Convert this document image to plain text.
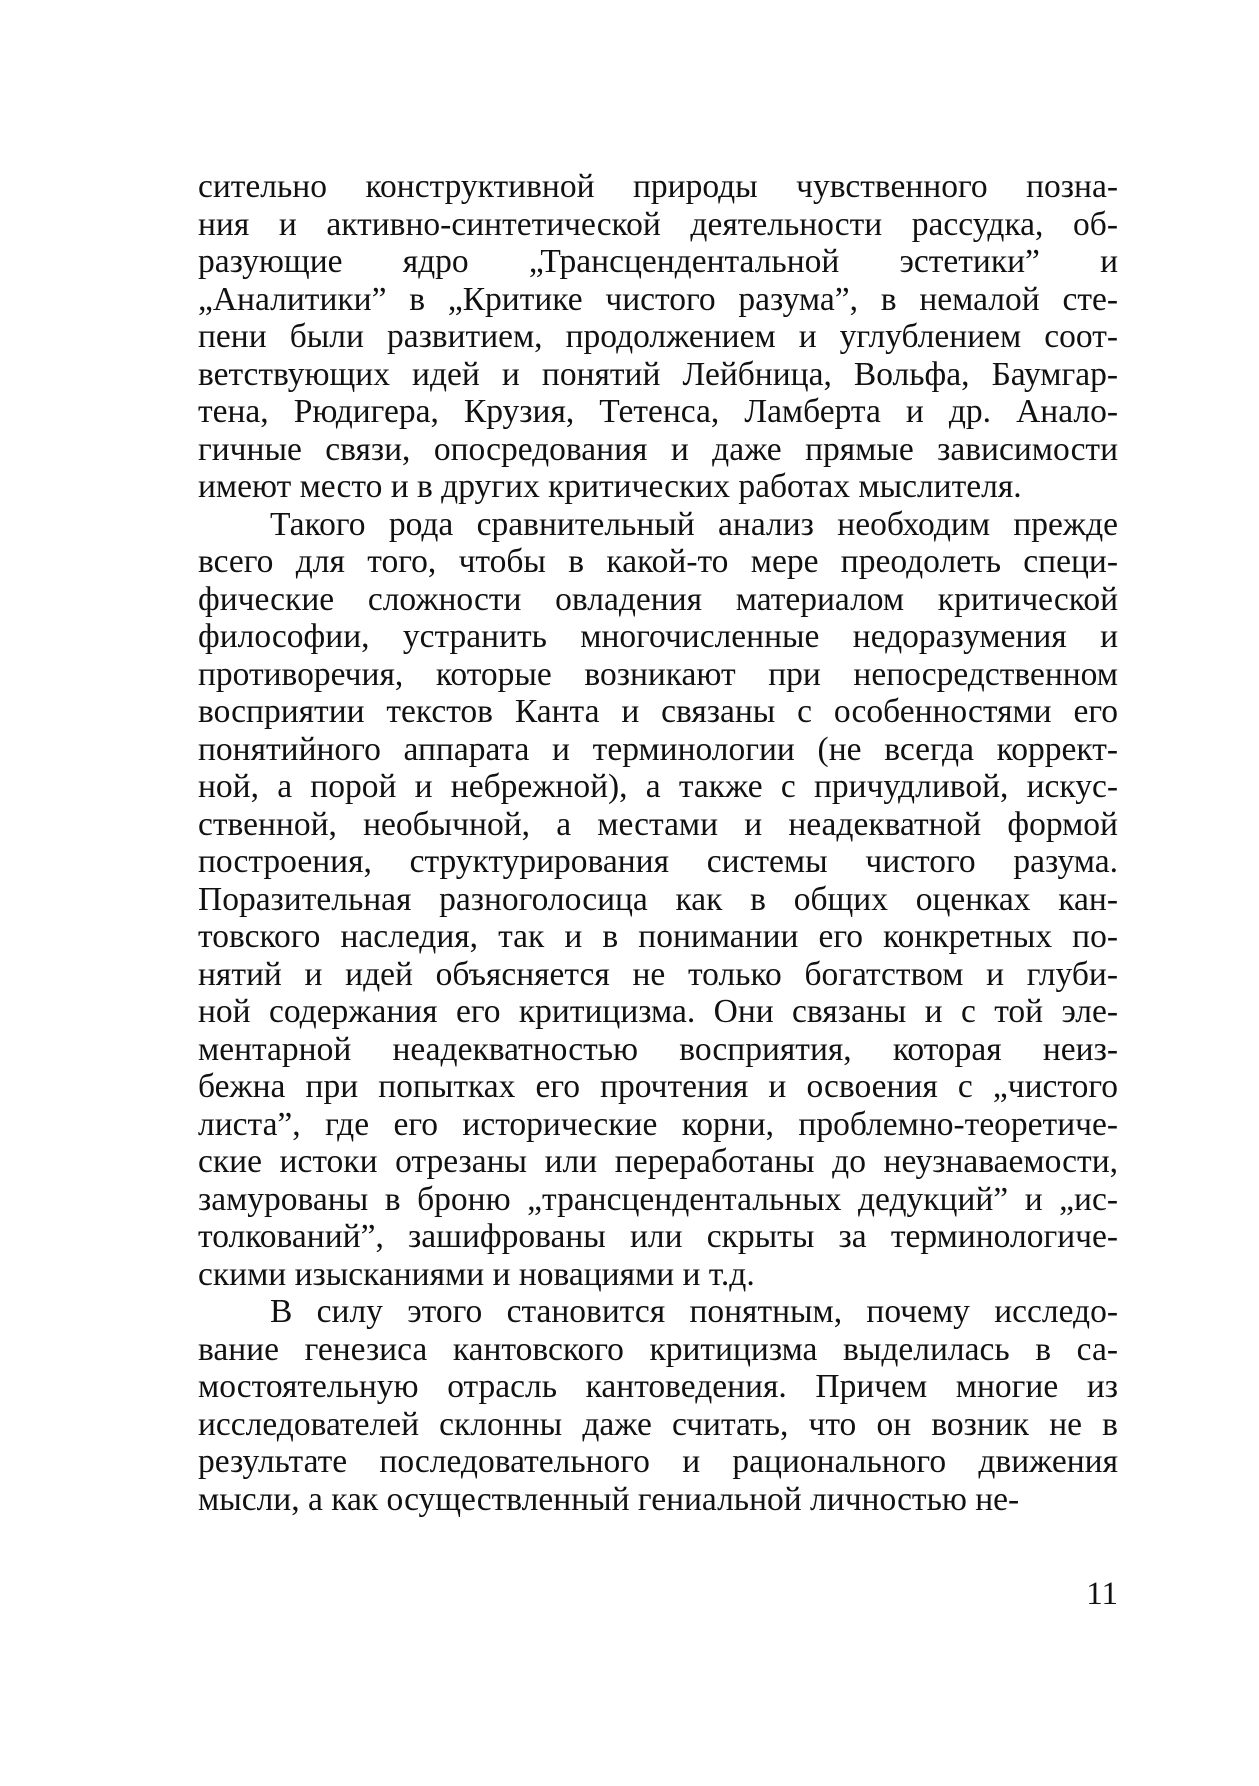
сительно конструктивной природы чувственного позна-
ния и активно-синтетической деятельности рассудка, об-
разующие ядро „Трансцендентальной эстетики” и
„Аналитики” в „Критике чистого разума”, в немалой сте-
пени были развитием, продолжением и углублением соот-
ветствующих идей и понятий Лейбница, Вольфа, Баумгар-
тена, Рюдигера, Крузия, Тетенса, Ламберта и др. Анало-
гичные связи, опосредования и даже прямые зависимости
имеют место и в других критических работах мыслителя.
Такого рода сравнительный анализ необходим прежде
всего для того, чтобы в какой-то мере преодолеть специ-
фические сложности овладения материалом критической
философии, устранить многочисленные недоразумения и
противоречия, которые возникают при непосредственном
восприятии текстов Канта и связаны с особенностями его
понятийного аппарата и терминологии (не всегда коррект-
ной, а порой и небрежной), а также с причудливой, искус-
ственной, необычной, а местами и неадекватной формой
построения, структурирования системы чистого разума.
Поразительная разноголосица как в общих оценках кан-
товского наследия, так и в понимании его конкретных по-
нятий и идей объясняется не только богатством и глуби-
ной содержания его критицизма. Они связаны и с той эле-
ментарной неадекватностью восприятия, которая неиз-
бежна при попытках его прочтения и освоения с „чистого
листа”, где его исторические корни, проблемно-теоретиче-
ские истоки отрезаны или переработаны до неузнаваемости,
замурованы в броню „трансцендентальных дедукций” и „ис-
толкований”, зашифрованы или скрыты за терминологиче-
скими изысканиями и новациями и т.д.
В силу этого становится понятным, почему исследо-
вание генезиса кантовского критицизма выделилась в са-
мостоятельную отрасль кантоведения. Причем многие из
исследователей склонны даже считать, что он возник не в
результате последовательного и рационального движения
мысли, а как осуществленный гениальной личностью не-
11
